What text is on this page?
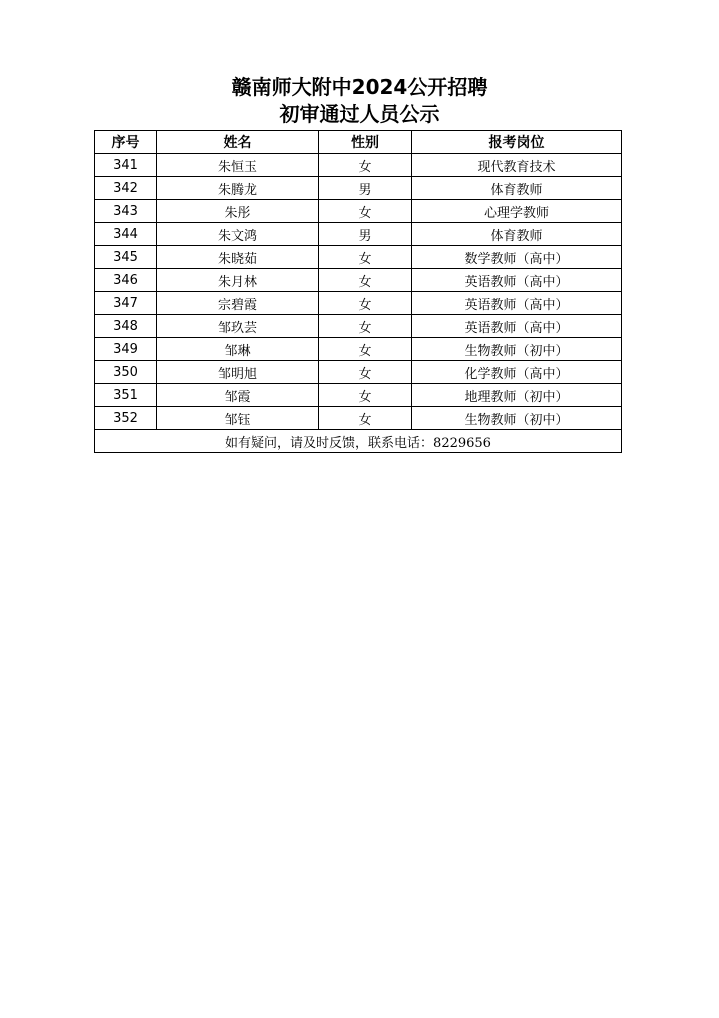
赣南师大附中2024公开招聘
初审通过人员公示
序号	姓名	性别	报考岗位
341	朱恒玉	女	现代教育技术
342	朱腾龙	男	体育教师
343	朱彤	女	心理学教师
344	朱文鸿	男	体育教师
345	朱晓茹	女	数学教师（高中）
346	朱月林	女	英语教师（高中）
347	宗碧霞	女	英语教师（高中）
348	邹玖芸	女	英语教师（高中）
349	邹琳	女	生物教师（初中）
350	邹明旭	女	化学教师（高中）
351	邹霞	女	地理教师（初中）
352	邹钰	女	生物教师（初中）
如有疑问，请及时反馈，联系电话：8229656			
